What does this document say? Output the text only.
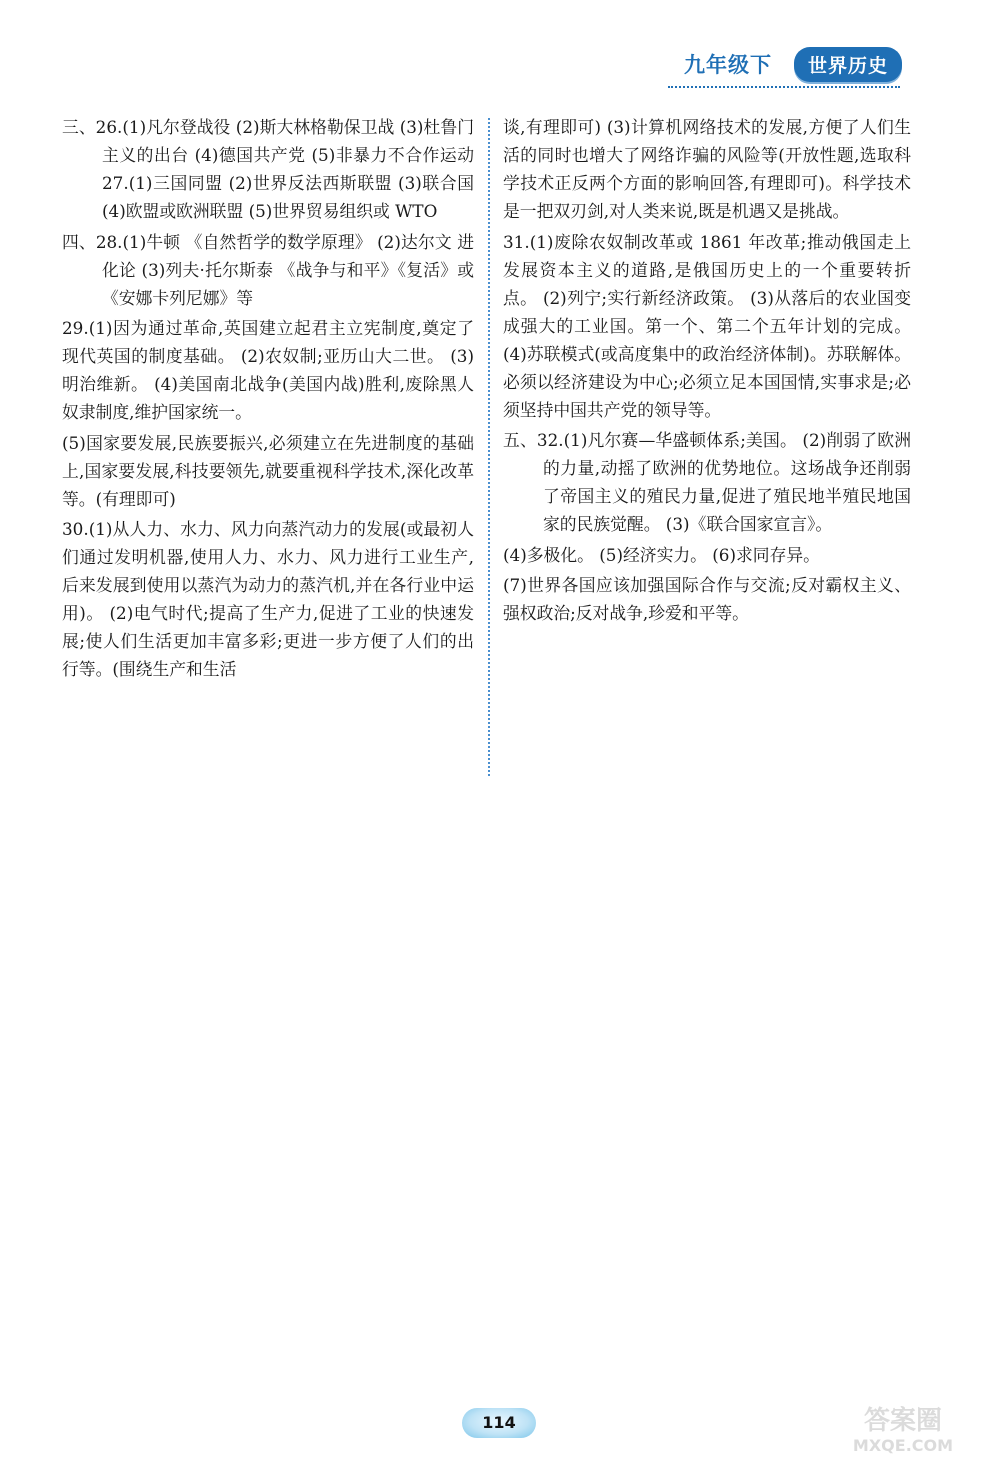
九年级下	世界历史

三、26.(1)凡尔登战役 (2)斯大林格勒保卫战 (3)杜鲁门主义的出台 (4)德国共产党 (5)非暴力不合作运动 27.(1)三国同盟 (2)世界反法西斯联盟 (3)联合国 (4)欧盟或欧洲联盟 (5)世界贸易组织或 WTO

四、28.(1)牛顿 《自然哲学的数学原理》 (2)达尔文 进化论 (3)列夫·托尔斯泰 《战争与和平》《复活》或《安娜卡列尼娜》等

29.(1)因为通过革命,英国建立起君主立宪制度,奠定了现代英国的制度基础。 (2)农奴制;亚历山大二世。 (3)明治维新。 (4)美国南北战争(美国内战)胜利,废除黑人奴隶制度,维护国家统一。

(5)国家要发展,民族要振兴,必须建立在先进制度的基础上,国家要发展,科技要领先,就要重视科学技术,深化改革等。(有理即可)

30.(1)从人力、水力、风力向蒸汽动力的发展(或最初人们通过发明机器,使用人力、水力、风力进行工业生产,后来发展到使用以蒸汽为动力的蒸汽机,并在各行业中运用)。 (2)电气时代;提高了生产力,促进了工业的快速发展;使人们生活更加丰富多彩;更进一步方便了人们的出行等。(围绕生产和生活

谈,有理即可) (3)计算机网络技术的发展,方便了人们生活的同时也增大了网络诈骗的风险等(开放性题,选取科学技术正反两个方面的影响回答,有理即可)。科学技术是一把双刃剑,对人类来说,既是机遇又是挑战。

31.(1)废除农奴制改革或 1861 年改革;推动俄国走上发展资本主义的道路,是俄国历史上的一个重要转折点。 (2)列宁;实行新经济政策。 (3)从落后的农业国变成强大的工业国。第一个、第二个五年计划的完成。 (4)苏联模式(或高度集中的政治经济体制)。苏联解体。必须以经济建设为中心;必须立足本国国情,实事求是;必须坚持中国共产党的领导等。

五、32.(1)凡尔赛—华盛顿体系;美国。 (2)削弱了欧洲的力量,动摇了欧洲的优势地位。这场战争还削弱了帝国主义的殖民力量,促进了殖民地半殖民地国家的民族觉醒。 (3)《联合国家宣言》。

(4)多极化。 (5)经济实力。 (6)求同存异。

(7)世界各国应该加强国际合作与交流;反对霸权主义、强权政治;反对战争,珍爱和平等。

114	答案圈
MXQE.COM
